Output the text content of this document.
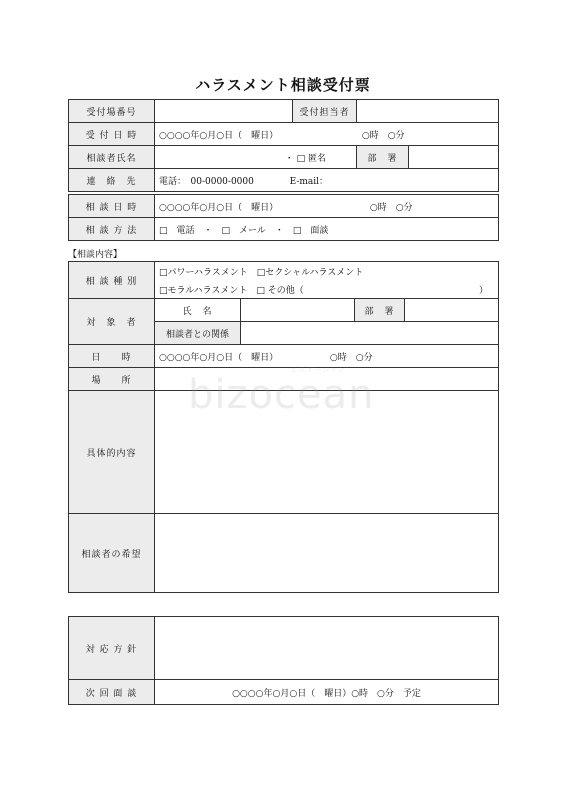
ハラスメント相談受付票
受付場番号		受付担当者		
受 付 日 時	○○○○年○月○日（　曜日） ○時　○分			
相談者氏名	・ □ 匿名		部　署	
連　絡　先	電話：　00-0000-0000 E-mail：			
相 談 日 時	○○○○年○月○日（　曜日） ○時　○分
相 談 方 法	□　電話　・　□　メール　・　□　面談
【相談内容】
相 談 種 別	□パワーハラスメント　□セクシャルハラスメント			
	□モラルハラスメント　□ その他（ ）			

対　象　者	氏　名		部　署	
	相談者との関係			
日　　時	○○○○年○月○日（　曜日） ○時　○分			
場　　所				
具体的内容				
相談者の希望				
対 応 方 針	
次 回 面 談	○○○○年○月○日（　曜日）○時　○分　予定
ビズオーシャン
bizocean
